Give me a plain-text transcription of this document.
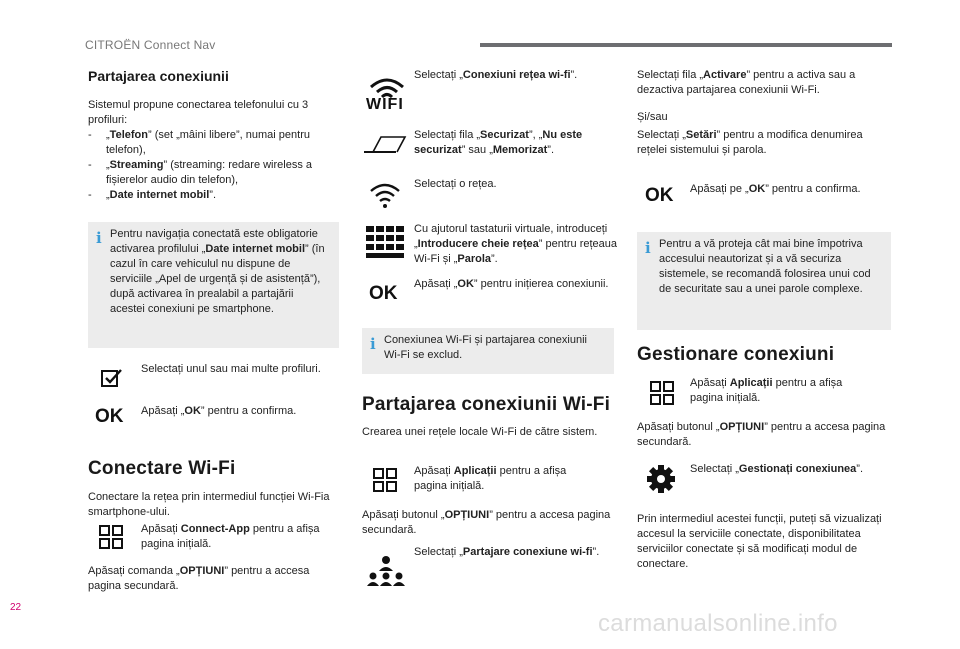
CITROËN Connect Nav
Partajarea conexiunii
Sistemul propune conectarea telefonului cu 3 profiluri:
- „Telefon” (set „mâini libere”, numai pentru telefon),
- „Streaming” (streaming: redare wireless a fișierelor audio din telefon),
- „Date internet mobil”.
i Pentru navigația conectată este obligatorie activarea profilului „Date internet mobil” (în cazul în care vehiculul nu dispune de serviciile „Apel de urgență și de asistență”), după activarea în prealabil a partajării acestei conexiuni pe smartphone.
Selectați unul sau mai multe profiluri.
OK Apăsați „OK” pentru a confirma.
Conectare Wi-Fi
Conectare la rețea prin intermediul funcției Wi-Fia smartphone-ului.
Apăsați Connect-App pentru a afișa pagina inițială.
Apăsați comanda „OPȚIUNI” pentru a accesa pagina secundară.
WIFI
Selectați „Conexiuni rețea wi-fi”.
Selectați fila „Securizat”, „Nu este securizat” sau „Memorizat”.
Selectați o rețea.
Cu ajutorul tastaturii virtuale, introduceți „Introducere cheie rețea” pentru rețeaua Wi-Fi și „Parola”.
OK Apăsați „OK” pentru inițierea conexiunii.
i Conexiunea Wi-Fi și partajarea conexiunii Wi-Fi se exclud.
Partajarea conexiunii Wi-Fi
Crearea unei rețele locale Wi-Fi de către sistem.
Apăsați Aplicații pentru a afișa pagina inițială.
Apăsați butonul „OPȚIUNI” pentru a accesa pagina secundară.
Selectați „Partajare conexiune wi-fi”.
Selectați fila „Activare” pentru a activa sau a dezactiva partajarea conexiunii Wi-Fi.
Și/sau
Selectați „Setări” pentru a modifica denumirea rețelei sistemului și parola.
OK Apăsați pe „OK” pentru a confirma.
i Pentru a vă proteja cât mai bine împotriva accesului neautorizat și a vă securiza sistemele, se recomandă folosirea unui cod de securitate sau a unei parole complexe.
Gestionare conexiuni
Apăsați Aplicații pentru a afișa pagina inițială.
Apăsați butonul „OPȚIUNI” pentru a accesa pagina secundară.
Selectați „Gestionați conexiunea”.
Prin intermediul acestei funcții, puteți să vizualizați accesul la serviciile conectate, disponibilitatea serviciilor conectate și să modificați modul de conectare.
22
carmanualsonline.info
